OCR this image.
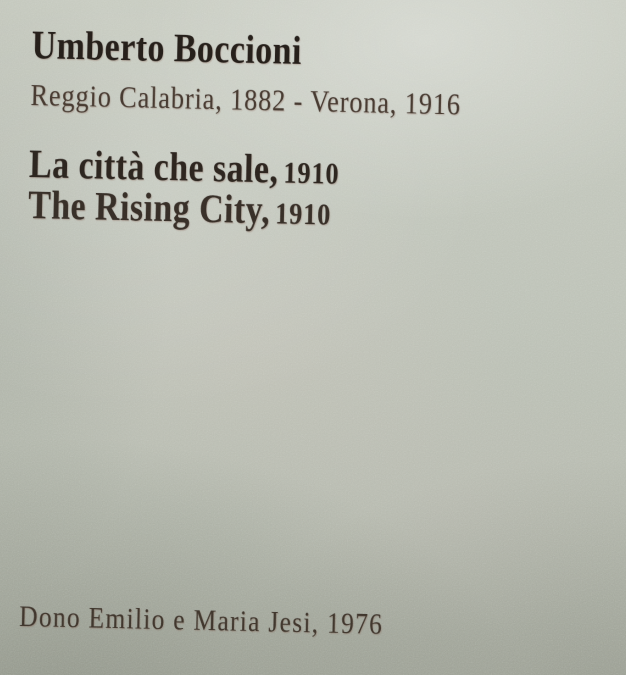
Umberto Boccioni
Reggio Calabria, 1882 - Verona, 1916
La città che sale, 1910
The Rising City, 1910
Dono Emilio e Maria Jesi, 1976
